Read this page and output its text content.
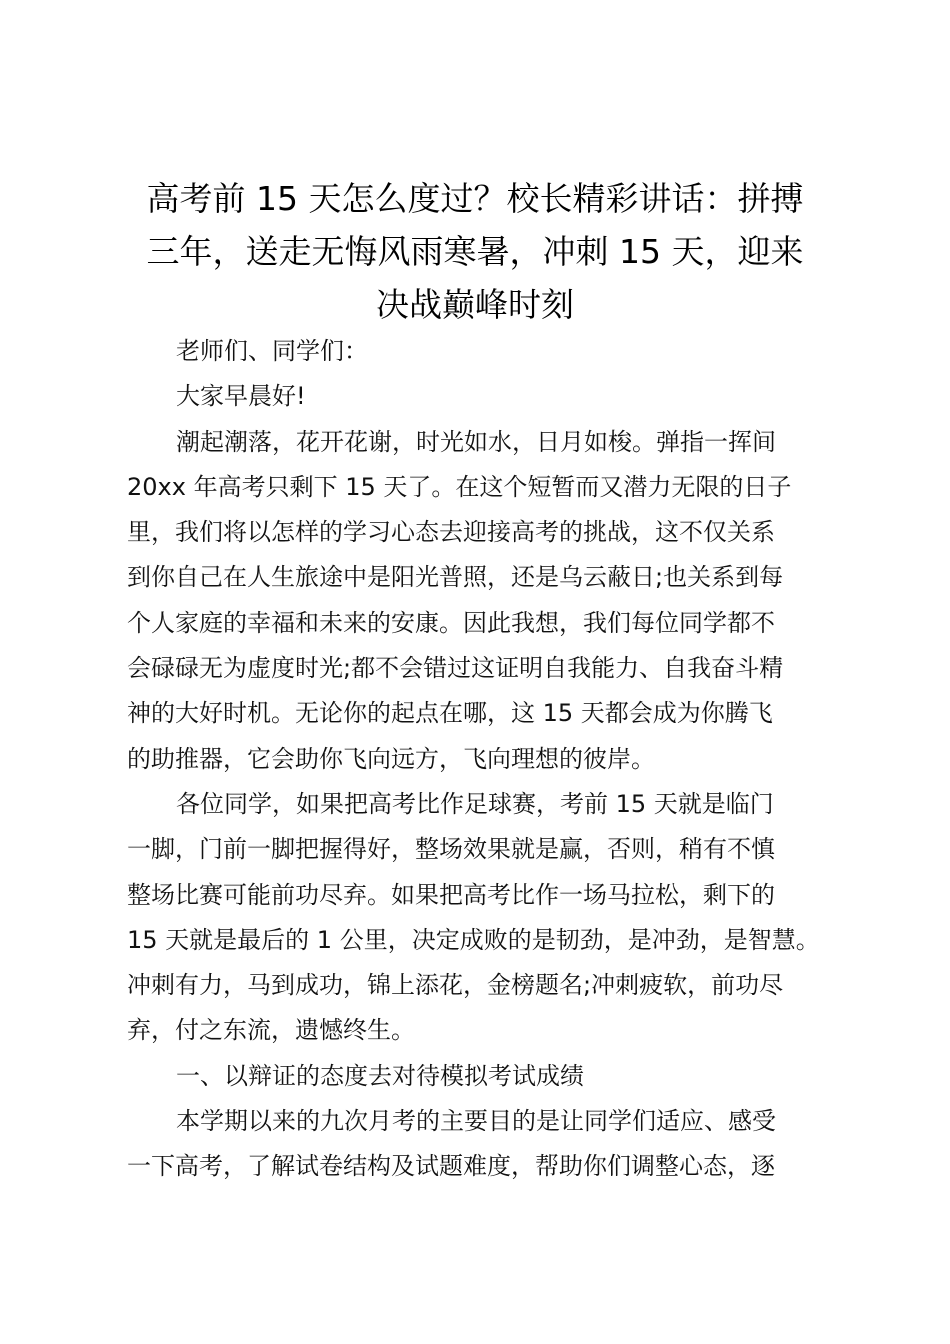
高考前 15 天怎么度过？校长精彩讲话：拼搏
三年，送走无悔风雨寒暑，冲刺 15 天，迎来
决战巅峰时刻
老师们、同学们：
大家早晨好!
潮起潮落，花开花谢，时光如水，日月如梭。弹指一挥间
20xx 年高考只剩下 15 天了。在这个短暂而又潜力无限的日子
里，我们将以怎样的学习心态去迎接高考的挑战，这不仅关系
到你自己在人生旅途中是阳光普照，还是乌云蔽日;也关系到每
个人家庭的幸福和未来的安康。因此我想，我们每位同学都不
会碌碌无为虚度时光;都不会错过这证明自我能力、自我奋斗精
神的大好时机。无论你的起点在哪，这 15 天都会成为你腾飞
的助推器，它会助你飞向远方，飞向理想的彼岸。
各位同学，如果把高考比作足球赛，考前 15 天就是临门
一脚，门前一脚把握得好，整场效果就是赢，否则，稍有不慎
整场比赛可能前功尽弃。如果把高考比作一场马拉松，剩下的
15 天就是最后的 1 公里，决定成败的是韧劲，是冲劲，是智慧。
冲刺有力，马到成功，锦上添花，金榜题名;冲刺疲软，前功尽
弃，付之东流，遗憾终生。
一、以辩证的态度去对待模拟考试成绩
本学期以来的九次月考的主要目的是让同学们适应、感受
一下高考，了解试卷结构及试题难度，帮助你们调整心态，逐
